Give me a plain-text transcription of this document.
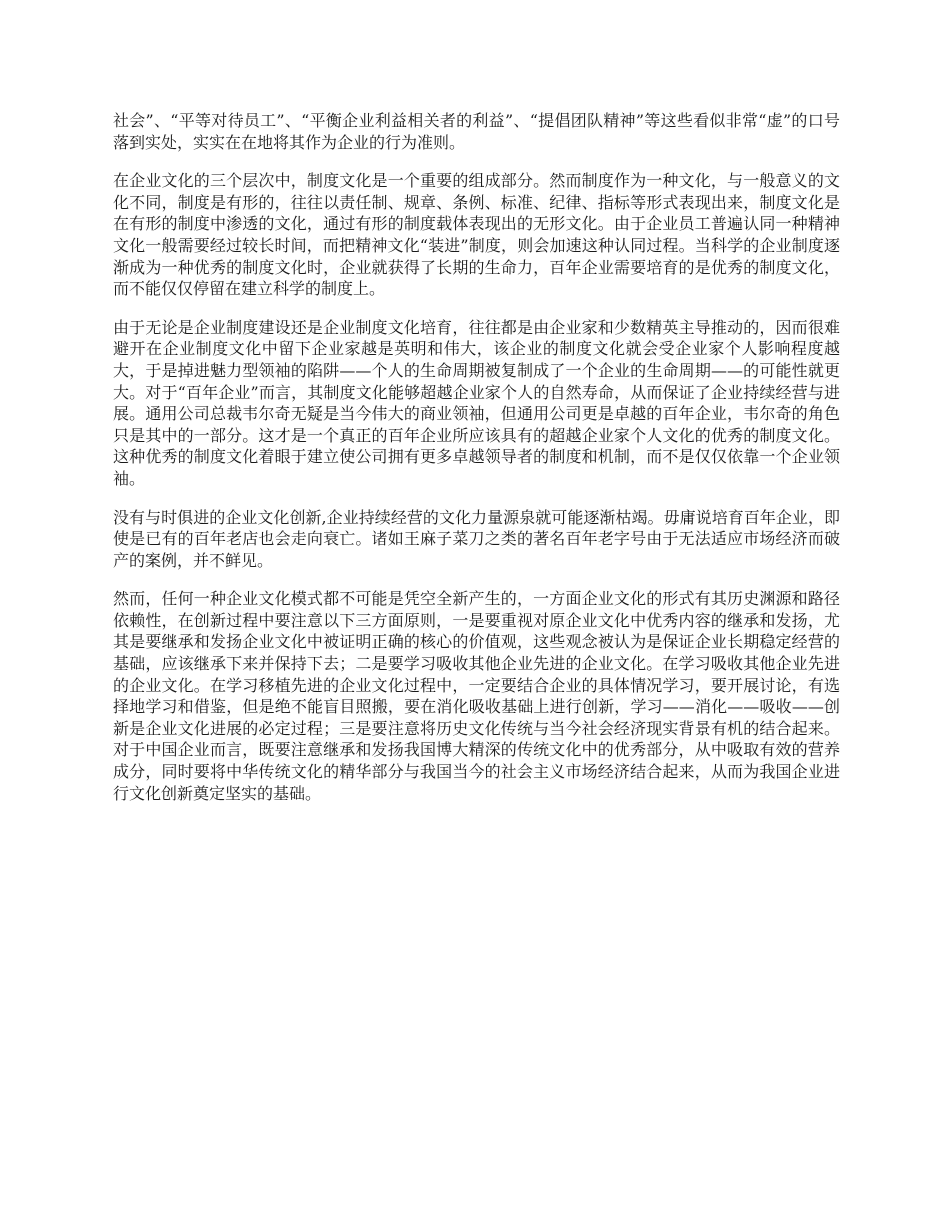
社会”、“平等对待员工”、“平衡企业利益相关者的利益”、“提倡团队精神”等这些看似非常“虚”的口号落到实处，实实在在地将其作为企业的行为准则。

在企业文化的三个层次中，制度文化是一个重要的组成部分。然而制度作为一种文化，与一般意义的文化不同，制度是有形的，往往以责任制、规章、条例、标准、纪律、指标等形式表现出来，制度文化是在有形的制度中渗透的文化，通过有形的制度载体表现出的无形文化。由于企业员工普遍认同一种精神文化一般需要经过较长时间，而把精神文化“装进”制度，则会加速这种认同过程。当科学的企业制度逐渐成为一种优秀的制度文化时，企业就获得了长期的生命力，百年企业需要培育的是优秀的制度文化，而不能仅仅停留在建立科学的制度上。

由于无论是企业制度建设还是企业制度文化培育，往往都是由企业家和少数精英主导推动的，因而很难避开在企业制度文化中留下企业家越是英明和伟大，该企业的制度文化就会受企业家个人影响程度越大，于是掉进魅力型领袖的陷阱——个人的生命周期被复制成了一个企业的生命周期——的可能性就更大。对于“百年企业”而言，其制度文化能够超越企业家个人的自然寿命，从而保证了企业持续经营与进展。通用公司总裁韦尔奇无疑是当今伟大的商业领袖，但通用公司更是卓越的百年企业，韦尔奇的角色只是其中的一部分。这才是一个真正的百年企业所应该具有的超越企业家个人文化的优秀的制度文化。这种优秀的制度文化着眼于建立使公司拥有更多卓越领导者的制度和机制，而不是仅仅依靠一个企业领袖。

没有与时俱进的企业文化创新,企业持续经营的文化力量源泉就可能逐渐枯竭。毋庸说培育百年企业，即使是已有的百年老店也会走向衰亡。诸如王麻子菜刀之类的著名百年老字号由于无法适应市场经济而破产的案例，并不鲜见。

然而，任何一种企业文化模式都不可能是凭空全新产生的，一方面企业文化的形式有其历史渊源和路径依赖性，在创新过程中要注意以下三方面原则，一是要重视对原企业文化中优秀内容的继承和发扬，尤其是要继承和发扬企业文化中被证明正确的核心的价值观，这些观念被认为是保证企业长期稳定经营的基础，应该继承下来并保持下去；二是要学习吸收其他企业先进的企业文化。在学习吸收其他企业先进的企业文化。在学习移植先进的企业文化过程中，一定要结合企业的具体情况学习，要开展讨论，有选择地学习和借鉴，但是绝不能盲目照搬，要在消化吸收基础上进行创新，学习——消化——吸收——创新是企业文化进展的必定过程；三是要注意将历史文化传统与当今社会经济现实背景有机的结合起来。对于中国企业而言，既要注意继承和发扬我国博大精深的传统文化中的优秀部分，从中吸取有效的营养成分，同时要将中华传统文化的精华部分与我国当今的社会主义市场经济结合起来，从而为我国企业进行文化创新奠定坚实的基础。
